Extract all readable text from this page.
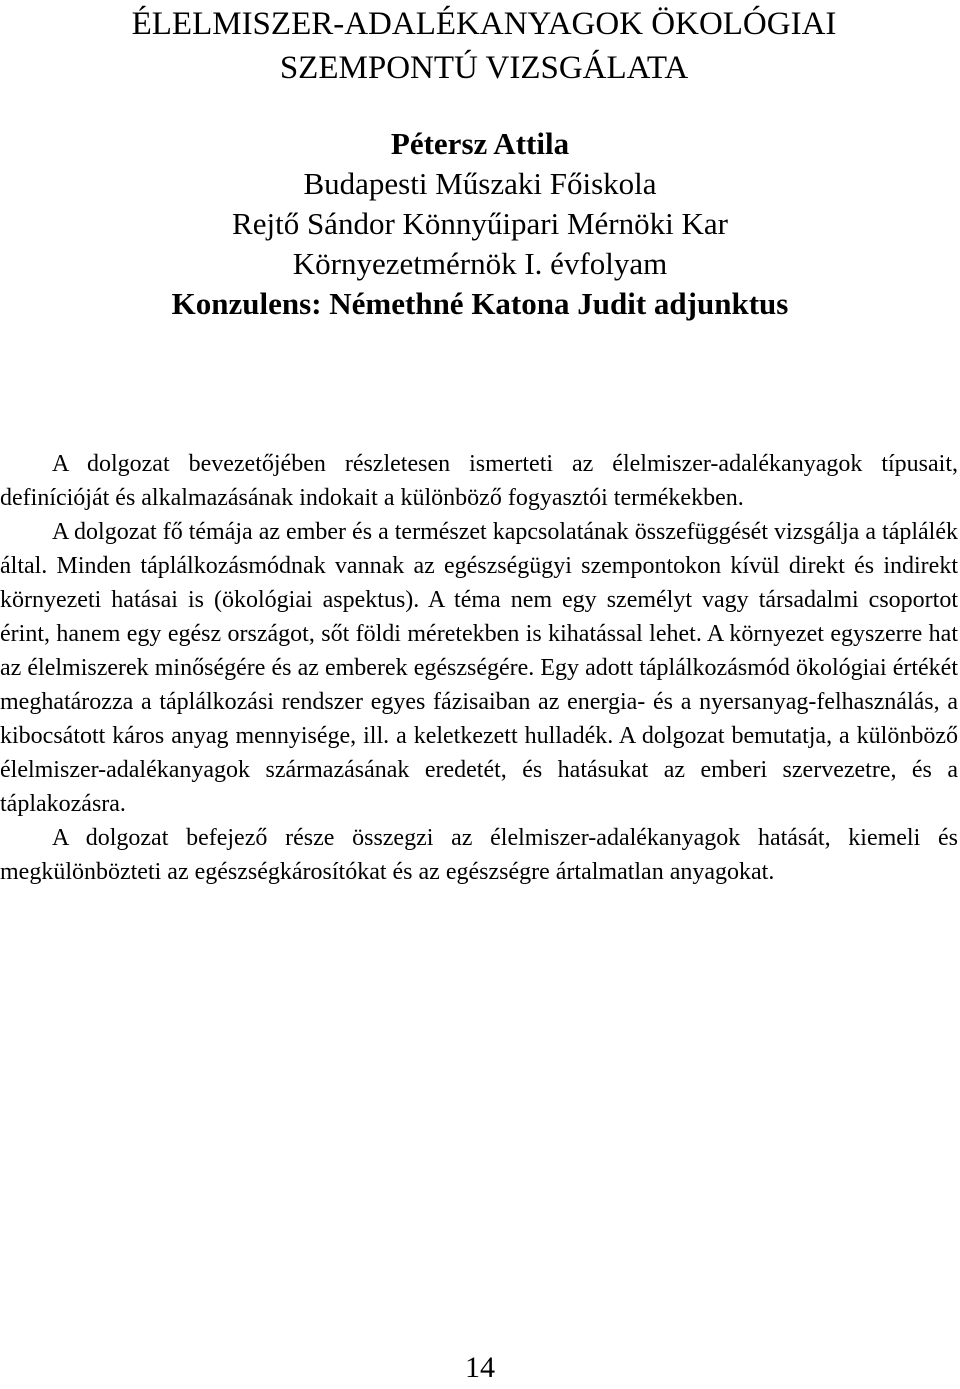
ÉLELMISZER-ADALÉKANYAGOK ÖKOLÓGIAI
SZEMPONTÚ VIZSGÁLATA
Pétersz Attila
Budapesti Műszaki Főiskola
Rejtő Sándor Könnyűipari Mérnöki Kar
Környezetmérnök I. évfolyam
Konzulens: Némethné Katona Judit adjunktus

A dolgozat bevezetőjében részletesen ismerteti az élelmiszer-adalékanyagok típusait, definícióját és alkalmazásának indokait a különböző fogyasztói termékekben.

A dolgozat fő témája az ember és a természet kapcsolatának összefüggését vizsgálja a táplálék által. Minden táplálkozásmódnak vannak az egészségügyi szempontokon kívül direkt és indirekt környezeti hatásai is (ökológiai aspektus). A téma nem egy személyt vagy társadalmi csoportot érint, hanem egy egész országot, sőt földi méretekben is kihatással lehet. A környezet egyszerre hat az élelmiszerek minőségére és az emberek egészségére. Egy adott táplálkozásmód ökológiai értékét meghatározza a táplálkozási rendszer egyes fázisaiban az energia- és a nyersanyag-felhasználás, a kibocsátott káros anyag mennyisége, ill. a keletkezett hulladék. A dolgozat bemutatja, a különböző élelmiszer-adalékanyagok származásának eredetét, és hatásukat az emberi szervezetre, és a táplakozásra.

A dolgozat befejező része összegzi az élelmiszer-adalékanyagok hatását, kiemeli és megkülönbözteti az egészségkárosítókat és az egészségre ártalmatlan anyagokat.

14
